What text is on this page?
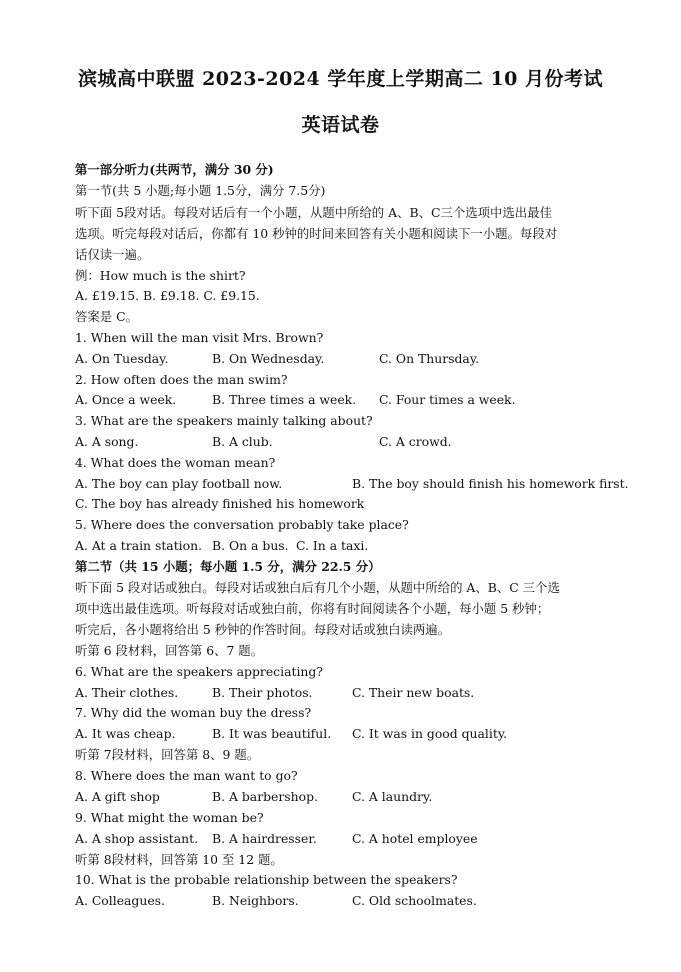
滨城高中联盟 2023-2024 学年度上学期高二 10 月份考试
英语试卷
第一部分听力(共两节，满分 30 分)
第一节(共 5 小题;每小题 1.5分，满分 7.5分)
听下面 5段对话。每段对话后有一个小题，从题中所给的 A、B、C三个选项中选出最佳
选项。听完每段对话后，你都有 10 秒钟的时间来回答有关小题和阅读下一小题。每段对
话仅读一遍。
例：How much is the shirt?
A. £19.15. B. £9.18. C. £9.15.
答案是 C。
1. When will the man visit Mrs. Brown?
A. On Tuesday.	B. On Wednesday.	C. On Thursday.
2. How often does the man swim?
A. Once a week.	B. Three times a week. C. Four times a week.
3. What are the speakers mainly talking about?
A. A song.	B. A club.	C. A crowd.
4. What does the woman mean?
A. The boy can play football now.	B. The boy should finish his homework first.
C. The boy has already finished his homework
5. Where does the conversation probably take place?
A. At a train station. B. On a bus. C. In a taxi.
第二节（共 15 小题；每小题 1.5 分，满分 22.5 分）
听下面 5 段对话或独白。每段对话或独白后有几个小题，从题中所给的 A、B、C 三个选
项中选出最佳选项。听每段对话或独白前，你将有时间阅读各个小题，每小题 5 秒钟；
听完后，各小题将给出 5 秒钟的作答时间。每段对话或独白读两遍。
听第 6 段材料，回答第 6、7 题。
6. What are the speakers appreciating?
A. Their clothes.	B. Their photos.	C. Their new boats.
7. Why did the woman buy the dress?
A. It was cheap.	B. It was beautiful. C. It was in good quality.
听第 7段材料，回答第 8、9 题。
8. Where does the man want to go?
A. A gift shop	B. A barbershop.	C. A laundry.
9. What might the woman be?
A. A shop assistant. B. A hairdresser.	C. A hotel employee
听第 8段材料，回答第 10 至 12 题。
10. What is the probable relationship between the speakers?
A. Colleagues.	B. Neighbors.	C. Old schoolmates.
